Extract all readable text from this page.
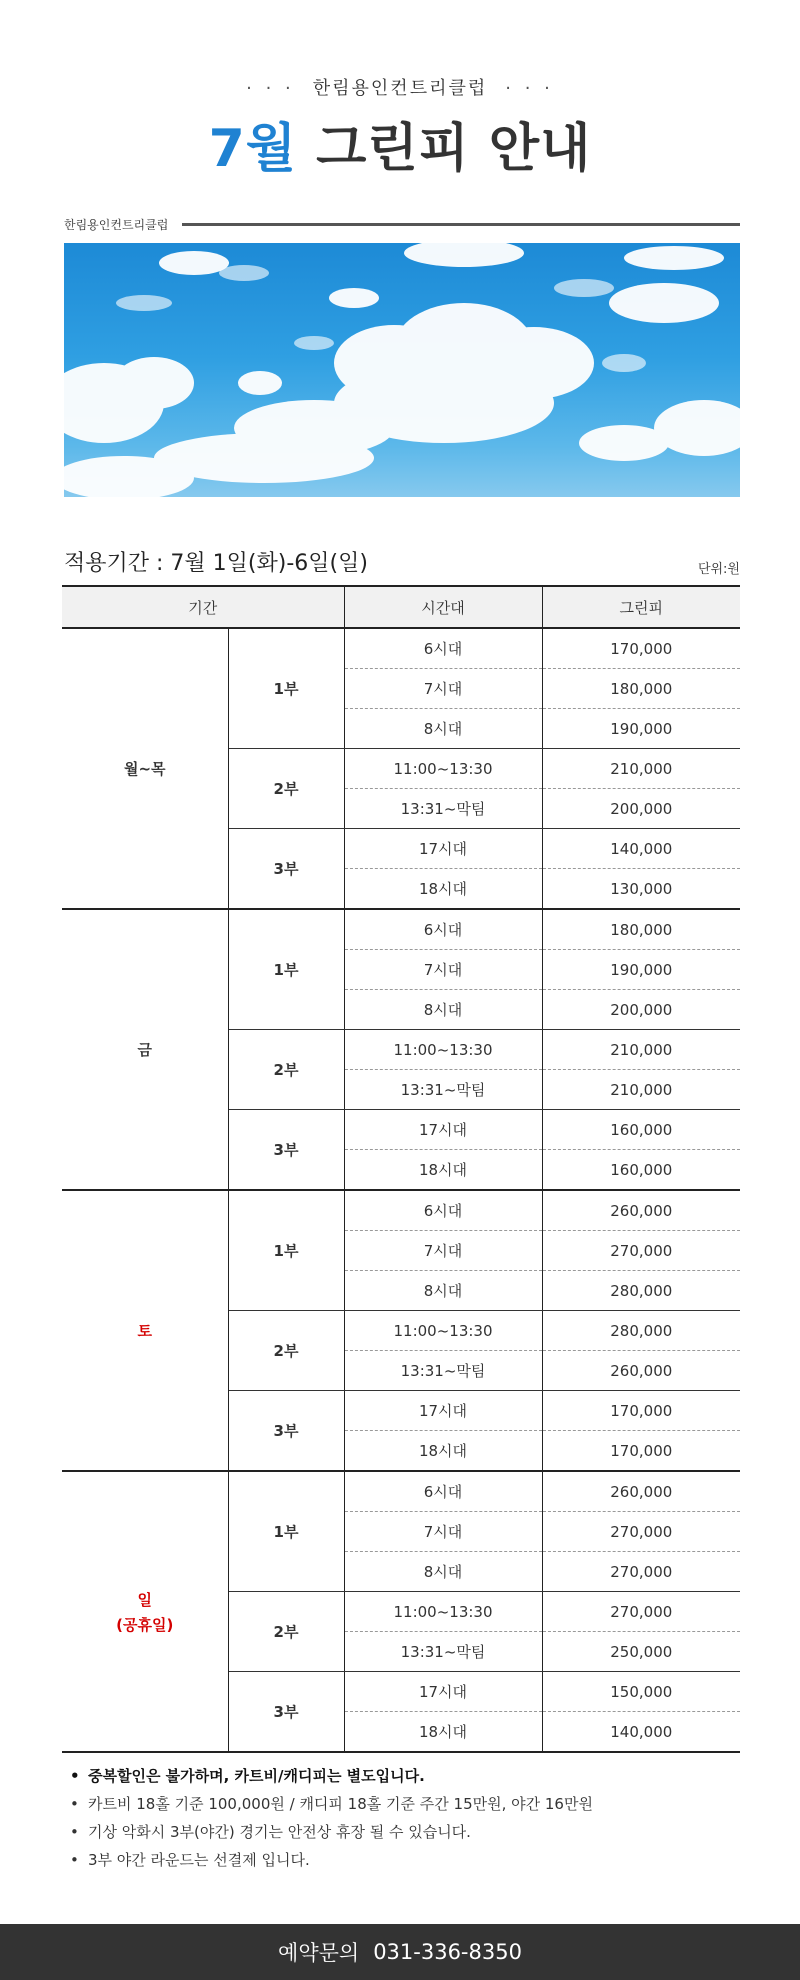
· · · 한림용인컨트리클럽 · · ·
7월 그린피 안내
한림용인컨트리클럽
적용기간 : 7월 1일(화)-6일(일)	단위:원
기간		시간대	그린피

월~목	1부	6시대	170,000
		7시대	180,000
		8시대	190,000
	2부	11:00~13:30	210,000
		13:31~막팀	200,000
	3부	17시대	140,000
		18시대	130,000

금	1부	6시대	180,000
		7시대	190,000
		8시대	200,000
	2부	11:00~13:30	210,000
		13:31~막팀	210,000
	3부	17시대	160,000
		18시대	160,000

토	1부	6시대	260,000
		7시대	270,000
		8시대	280,000
	2부	11:00~13:30	280,000
		13:31~막팀	260,000
	3부	17시대	170,000
		18시대	170,000

일
(공휴일)	1부	6시대	260,000
		7시대	270,000
		8시대	270,000
	2부	11:00~13:30	270,000
		13:31~막팀	250,000
	3부	17시대	150,000
		18시대	140,000
• 중복할인은 불가하며, 카트비/캐디피는 별도입니다.
• 카트비 18홀 기준 100,000원 / 캐디피 18홀 기준 주간 15만원, 야간 16만원
• 기상 악화시 3부(야간) 경기는 안전상 휴장 될 수 있습니다.
• 3부 야간 라운드는 선결제 입니다.
예약문의 031-336-8350
